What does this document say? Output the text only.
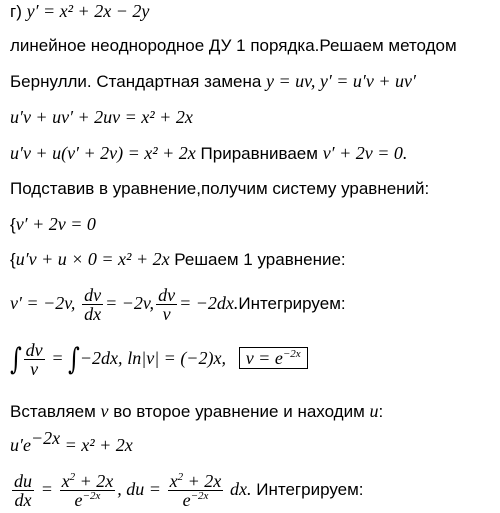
г) y′ = x² + 2x − 2y
линейное неоднородное ДУ 1 порядка.Решаем методом
Бернулли. Стандартная замена y = uv, y′ = u′v + uv′
u′v + uv′ + 2uv = x² + 2x
u′v + u(v′ + 2v) = x² + 2x Приравниваем v′ + 2v = 0.
Подставив в уравнение,получим систему уравнений:
{v′ + 2v = 0
{u′v + u × 0 = x² + 2x Решаем 1 уравнение:
v′ = −2v, $\frac{dv}{dx} = -2v$, $\frac{dv}{v}$ = −2dx.Интегрируем:
∫ $\frac{dv}{v} = \int-2dx$, ln|v| = (−2)x, $v = e^{-2x}$
Вставляем v во второе уравнение и находим u:
$u'e^{-2x} = x^2 + 2x$
$\frac{du}{dx} = \frac{x^2 + 2x}{e^{-2x}}$ , du = $\frac{x^2 + 2x}{e^{-2x}}$ dx. Интегрируем:
